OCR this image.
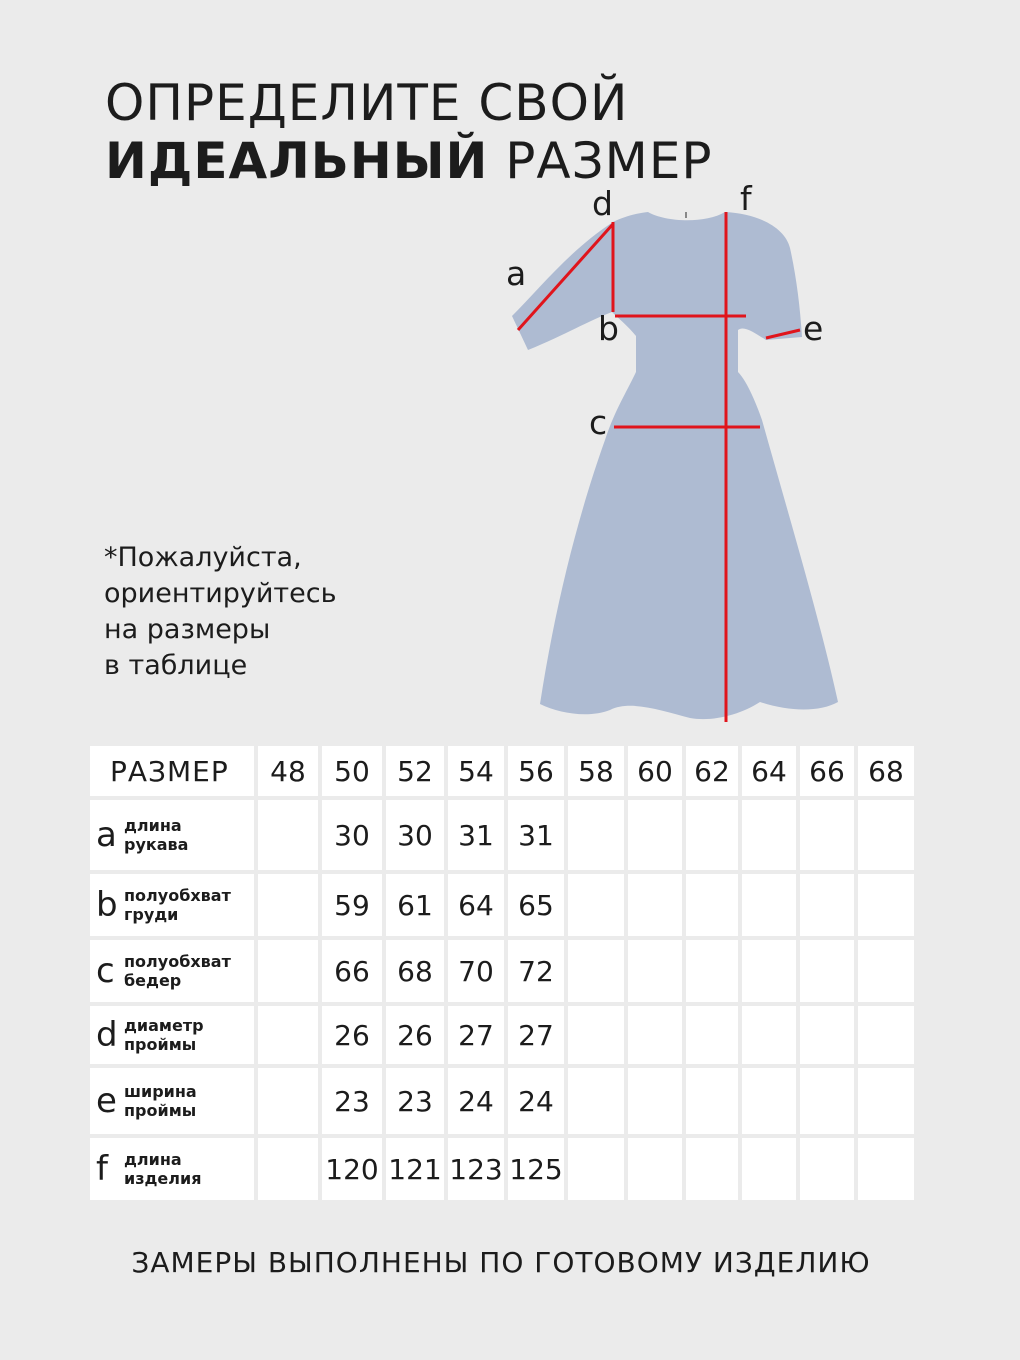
ОПРЕДЕЛИТЕ СВОЙ
ИДЕАЛЬНЫЙ РАЗМЕР
*Пожалуйста,
ориентируйтесь
на размеры
в таблице
a
d	f
b	e
c
РАЗМЕР	48	50	52	54	56	58	60	62	64	66	68

a длина
рукава		30	30	31	31						

b полуобхват
груди		59	61	64	65						

c полуобхват
бедер		66	68	70	72						

d диаметр
проймы		26	26	27	27						

e ширина
проймы		23	23	24	24						

f длина
изделия		120	121	123	125						
ЗАМЕРЫ ВЫПОЛНЕНЫ ПО ГОТОВОМУ ИЗДЕЛИЮ
